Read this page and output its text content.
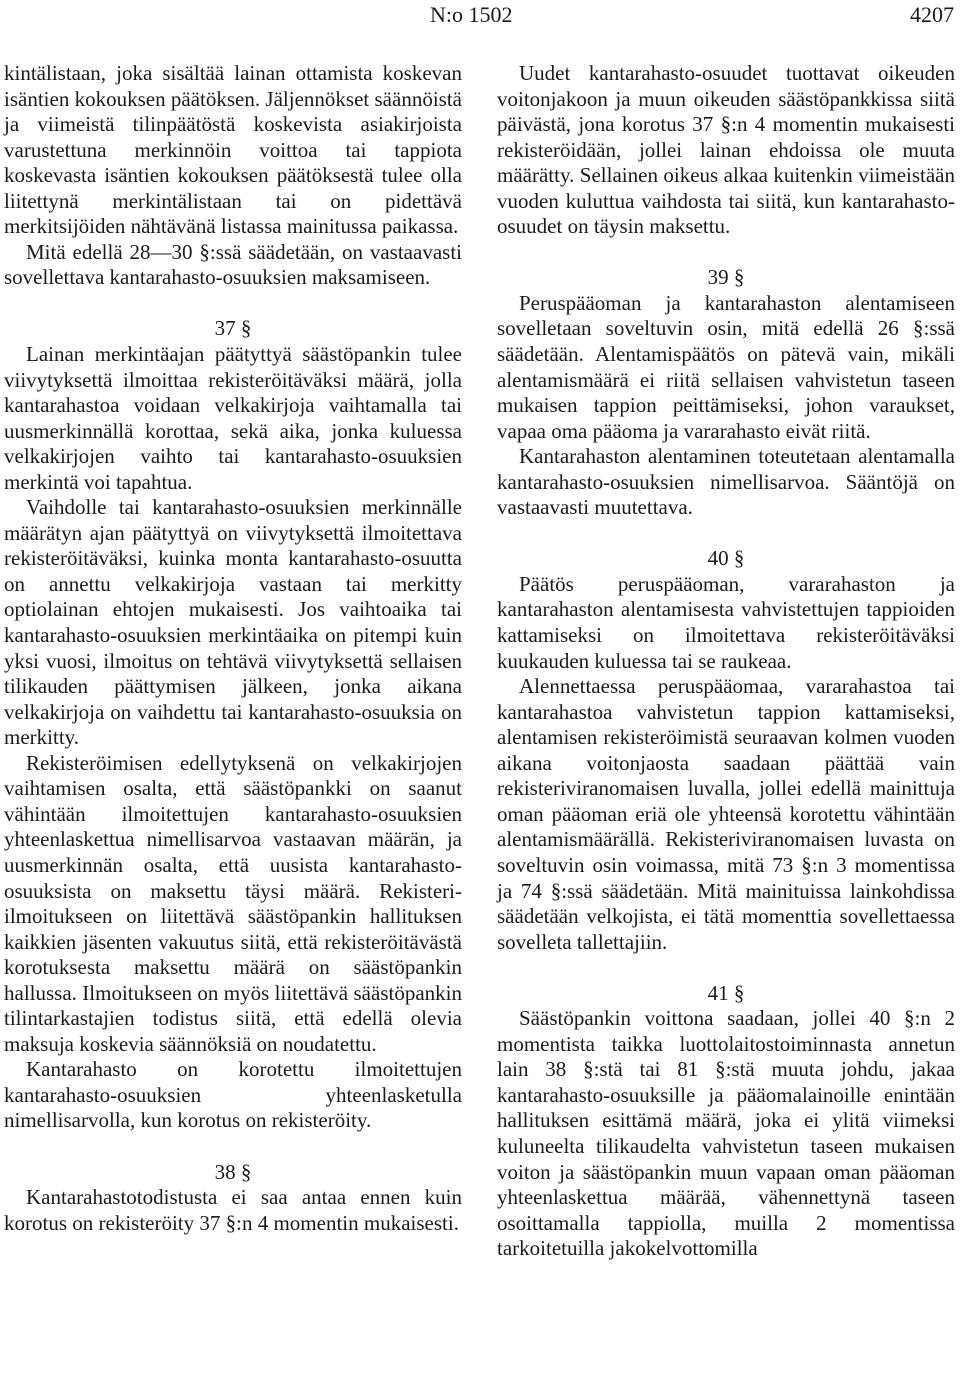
N:o 1502	4207

kintälistaan, joka sisältää lainan ottamista koskevan isäntien kokouksen päätöksen. Jäljennökset säännöistä ja viimeistä tilinpäätöstä koskevista asiakirjoista varustettuna merkinnöin voittoa tai tappiota koskevasta isäntien kokouksen päätöksestä tulee olla liitettynä merkintälistaan tai on pidettävä merkitsijöiden nähtävänä listassa mainitussa paikassa.

Mitä edellä 28—30 §:ssä säädetään, on vastaavasti sovellettava kantarahasto-osuuksien maksamiseen.

37 §

Lainan merkintäajan päätyttyä säästöpankin tulee viivytyksettä ilmoittaa rekisteröitäväksi määrä, jolla kantarahastoa voidaan velkakirjoja vaihtamalla tai uusmerkinnällä korottaa, sekä aika, jonka kuluessa velkakirjojen vaihto tai kantarahasto-osuuksien merkintä voi tapahtua.

Vaihdolle tai kantarahasto-osuuksien merkinnälle määrätyn ajan päätyttyä on viivytyksettä ilmoitettava rekisteröitäväksi, kuinka monta kantarahasto-osuutta on annettu velkakirjoja vastaan tai merkitty optiolainan ehtojen mukaisesti. Jos vaihtoaika tai kantarahasto-osuuksien merkintäaika on pitempi kuin yksi vuosi, ilmoitus on tehtävä viivytyksettä sellaisen tilikauden päättymisen jälkeen, jonka aikana velkakirjoja on vaihdettu tai kantarahasto-osuuksia on merkitty.

Rekisteröimisen edellytyksenä on velkakirjojen vaihtamisen osalta, että säästöpankki on saanut vähintään ilmoitettujen kantarahasto-osuuksien yhteenlaskettua nimellisarvoa vastaavan määrän, ja uusmerkinnän osalta, että uusista kantarahasto-osuuksista on maksettu täysi määrä. Rekisteri-ilmoitukseen on liitettävä säästöpankin hallituksen kaikkien jäsenten vakuutus siitä, että rekisteröitävästä korotuksesta maksettu määrä on säästöpankin hallussa. Ilmoitukseen on myös liitettävä säästöpankin tilintarkastajien todistus siitä, että edellä olevia maksuja koskevia säännöksiä on noudatettu.

Kantarahasto on korotettu ilmoitettujen kantarahasto-osuuksien yhteenlasketulla nimellisarvolla, kun korotus on rekisteröity.

38 §

Kantarahastotodistusta ei saa antaa ennen kuin korotus on rekisteröity 37 §:n 4 momentin mukaisesti.

Uudet kantarahasto-osuudet tuottavat oikeuden voitonjakoon ja muun oikeuden säästöpankkissa siitä päivästä, jona korotus 37 §:n 4 momentin mukaisesti rekisteröidään, jollei lainan ehdoissa ole muuta määrätty. Sellainen oikeus alkaa kuitenkin viimeistään vuoden kuluttua vaihdosta tai siitä, kun kantarahasto-osuudet on täysin maksettu.

39 §

Peruspääoman ja kantarahaston alentamiseen sovelletaan soveltuvin osin, mitä edellä 26 §:ssä säädetään. Alentamispäätös on pätevä vain, mikäli alentamismäärä ei riitä sellaisen vahvistetun taseen mukaisen tappion peittämiseksi, johon varaukset, vapaa oma pääoma ja vararahasto eivät riitä.

Kantarahaston alentaminen toteutetaan alentamalla kantarahasto-osuuksien nimellisarvoa. Sääntöjä on vastaavasti muutettava.

40 §

Päätös peruspääoman, vararahaston ja kantarahaston alentamisesta vahvistettujen tappioiden kattamiseksi on ilmoitettava rekisteröitäväksi kuukauden kuluessa tai se raukeaa.

Alennettaessa peruspääomaa, vararahastoa tai kantarahastoa vahvistetun tappion kattamiseksi, alentamisen rekisteröimistä seuraavan kolmen vuoden aikana voitonjaosta saadaan päättää vain rekisteriviranomaisen luvalla, jollei edellä mainittuja oman pääoman eriä ole yhteensä korotettu vähintään alentamismäärällä. Rekisteriviranomaisen luvasta on soveltuvin osin voimassa, mitä 73 §:n 3 momentissa ja 74 §:ssä säädetään. Mitä mainituissa lainkohdissa säädetään velkojista, ei tätä momenttia sovellettaessa sovelleta tallettajiin.

41 §

Säästöpankin voittona saadaan, jollei 40 §:n 2 momentista taikka luottolaitostoiminnasta annetun lain 38 §:stä tai 81 §:stä muuta johdu, jakaa kantarahasto-osuuksille ja pääomalainoille enintään hallituksen esittämä määrä, joka ei ylitä viimeksi kuluneelta tilikaudelta vahvistetun taseen mukaisen voiton ja säästöpankin muun vapaan oman pääoman yhteenlaskettua määrää, vähennettynä taseen osoittamalla tappiolla, muilla 2 momentissa tarkoitetuilla jakokelvottomilla
